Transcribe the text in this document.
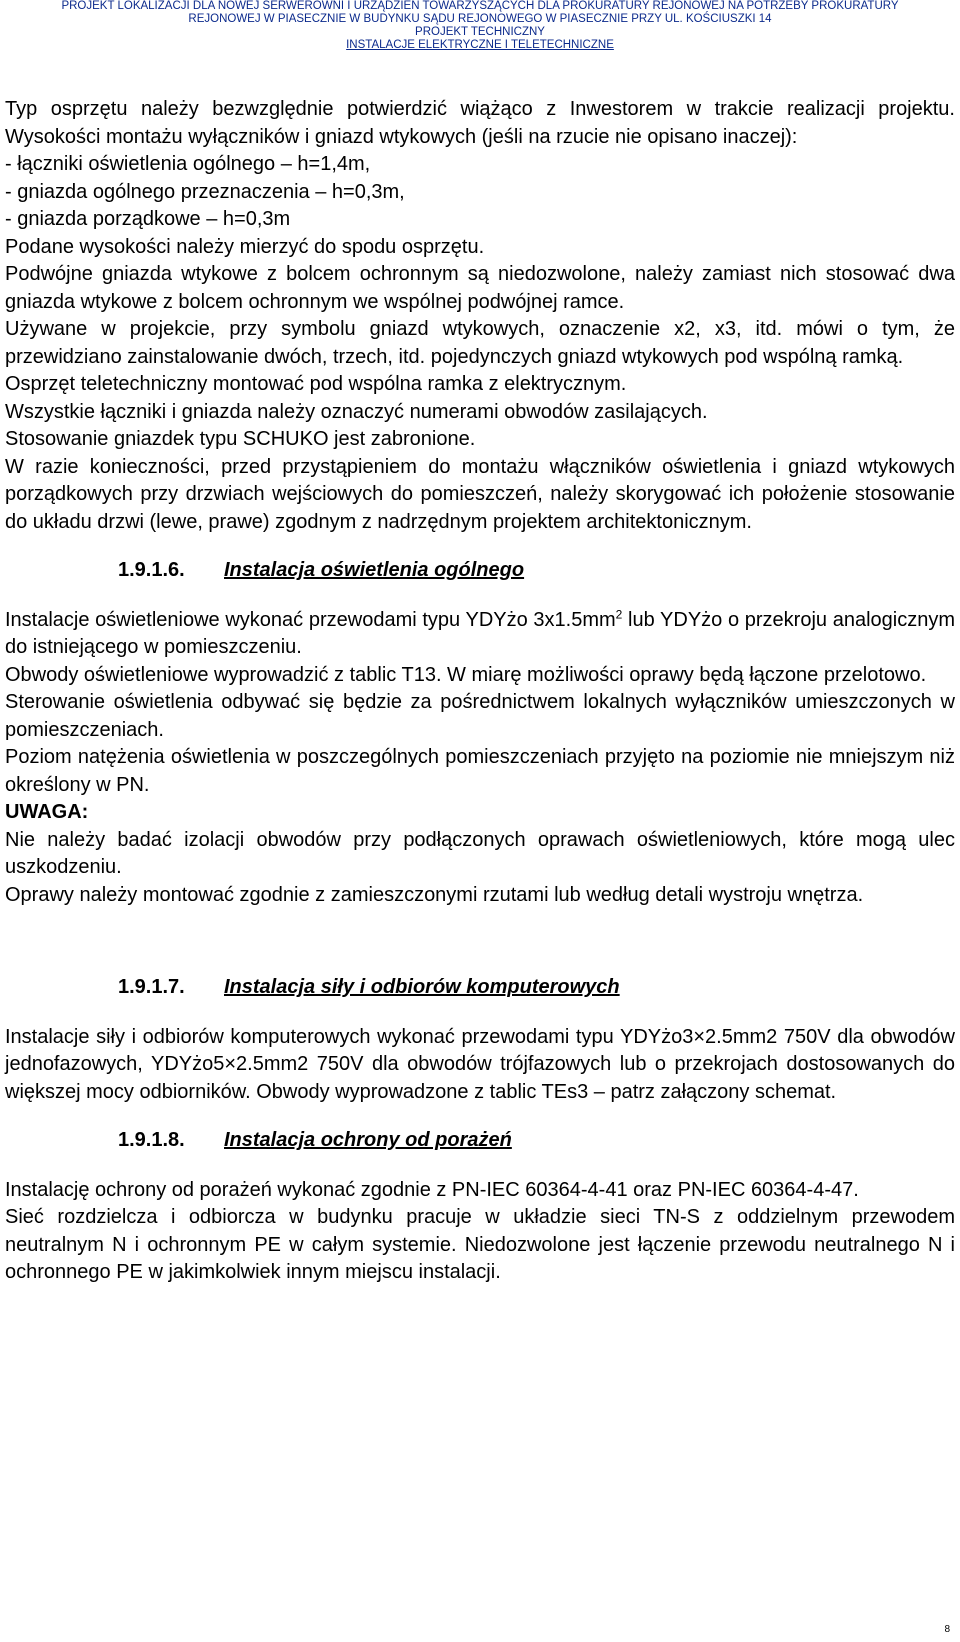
PROJEKT LOKALIZACJI DLA NOWEJ SERWEROWNI I URZĄDZIEŃ TOWARZYSZĄCYCH DLA PROKURATURY REJONOWEJ NA POTRZEBY PROKURATURY
REJONOWEJ W PIASECZNIE W BUDYNKU SĄDU REJONOWEGO W PIASECZNIE PRZY UL. KOŚCIUSZKI 14
PROJEKT TECHNICZNY
INSTALACJE ELEKTRYCZNE I TELETECHNICZNE

Typ osprzętu należy bezwzględnie potwierdzić wiążąco z Inwestorem w trakcie realizacji projektu. Wysokości montażu wyłączników i gniazd wtykowych (jeśli na rzucie nie opisano inaczej):

- łączniki oświetlenia ogólnego – h=1,4m,

- gniazda ogólnego przeznaczenia – h=0,3m,

- gniazda porządkowe – h=0,3m

Podane wysokości należy mierzyć do spodu osprzętu.

Podwójne gniazda wtykowe z bolcem ochronnym są niedozwolone, należy zamiast nich stosować dwa gniazda wtykowe z bolcem ochronnym we wspólnej podwójnej ramce.

Używane w projekcie, przy symbolu gniazd wtykowych, oznaczenie x2, x3, itd. mówi o tym, że przewidziano zainstalowanie dwóch, trzech, itd. pojedynczych gniazd wtykowych pod wspólną ramką.

Osprzęt teletechniczny montować pod wspólna ramka z elektrycznym.

Wszystkie łączniki i gniazda należy oznaczyć numerami obwodów zasilających.

Stosowanie gniazdek typu SCHUKO jest zabronione.

W razie konieczności, przed przystąpieniem do montażu włączników oświetlenia i gniazd wtykowych porządkowych przy drzwiach wejściowych do pomieszczeń, należy skorygować ich położenie stosowanie do układu drzwi (lewe, prawe) zgodnym z nadrzędnym projektem architektonicznym.

1.9.1.6. Instalacja oświetlenia ogólnego

Instalacje oświetleniowe wykonać przewodami typu YDYżo $3x1.5mm^2$ lub YDYżo o przekroju analogicznym do istniejącego w pomieszczeniu.

Obwody oświetleniowe wyprowadzić z tablic T13. W miarę możliwości oprawy będą łączone przelotowo.

Sterowanie oświetlenia odbywać się będzie za pośrednictwem lokalnych wyłączników umieszczonych w pomieszczeniach.

Poziom natężenia oświetlenia w poszczególnych pomieszczeniach przyjęto na poziomie nie mniejszym niż określony w PN.

UWAGA:

Nie należy badać izolacji obwodów przy podłączonych oprawach oświetleniowych, które mogą ulec uszkodzeniu.

Oprawy należy montować zgodnie z zamieszczonymi rzutami lub według detali wystroju wnętrza.

1.9.1.7. Instalacja siły i odbiorów komputerowych

Instalacje siły i odbiorów komputerowych wykonać przewodami typu YDYżo3×2.5mm2 750V dla obwodów jednofazowych, YDYżo5×2.5mm2 750V dla obwodów trójfazowych lub o przekrojach dostosowanych do większej mocy odbiorników. Obwody wyprowadzone z tablic TEs3 – patrz załączony schemat.

1.9.1.8. Instalacja ochrony od porażeń

Instalację ochrony od porażeń wykonać zgodnie z PN-IEC 60364-4-41 oraz PN-IEC 60364-4-47.

Sieć rozdzielcza i odbiorcza w budynku pracuje w układzie sieci TN-S z oddzielnym przewodem neutralnym N i ochronnym PE w całym systemie. Niedozwolone jest łączenie przewodu neutralnego N i ochronnego PE w jakimkolwiek innym miejscu instalacji.

8
